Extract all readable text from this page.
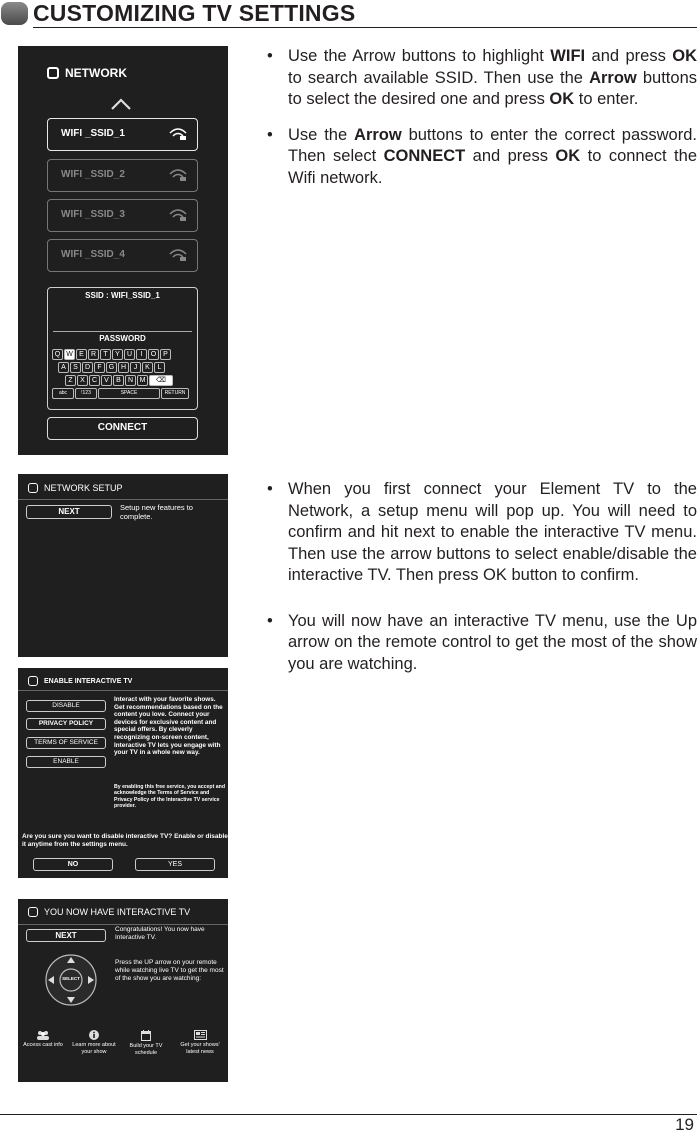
CUSTOMIZING TV SETTINGS
NETWORK
WIFI _SSID_1
WIFI _SSID_2
WIFI _SSID_3
WIFI _SSID_4
SSID : WIFI_SSID_1
PASSWORD
Q W E	R	T	Y	U	I	O P
A	S	D	F	G H	J	K	L
Z	X	C	V	B	N M	⌫
abc	!123	SPACE	RETURN
CONNECT
NETWORK SETUP
NEXT	Setup new features to complete.
ENABLE INTERACTIVE TV
DISABLE
PRIVACY POLICY
TERMS OF SERVICE
ENABLE
Interact with your favorite shows. Get recommendations based on the content you love. Connect your devices for exclusive content and special offers. By cleverly recognizing on-screen content, Interactive TV lets you engage with your TV in a whole new way.
By enabling this free service, you accept and acknowledge the Terms of Service and Privacy Policy of the Interactive TV service provider.
Are you sure you want to disable interactive TV? Enable or disable it anytime from the settings menu.
NO	YES
YOU NOW HAVE INTERACTIVE TV
NEXT
Congratulations! You now have Interactive TV.
Press the UP arrow on your remote while watching live TV to get the most of the show you are watching:
SELECT
Access cast info	Learn more about your show
Build your TV schedule
Get your shows' latest news
• Use the Arrow buttons to highlight WIFI and press OK to search available SSID. Then use the Arrow buttons to select the desired one and press OK to enter.
• Use the Arrow buttons to enter the correct password. Then select CONNECT and press OK to connect the Wifi network.
• When you first connect your Element TV to the Network, a setup menu will pop up. You will need to confirm and hit next to enable the interactive TV menu. Then use the arrow buttons to select enable/disable the interactive TV. Then press OK button to confirm.
• You will now have an interactive TV menu, use the Up arrow on the remote control to get the most of the show you are watching.
19
